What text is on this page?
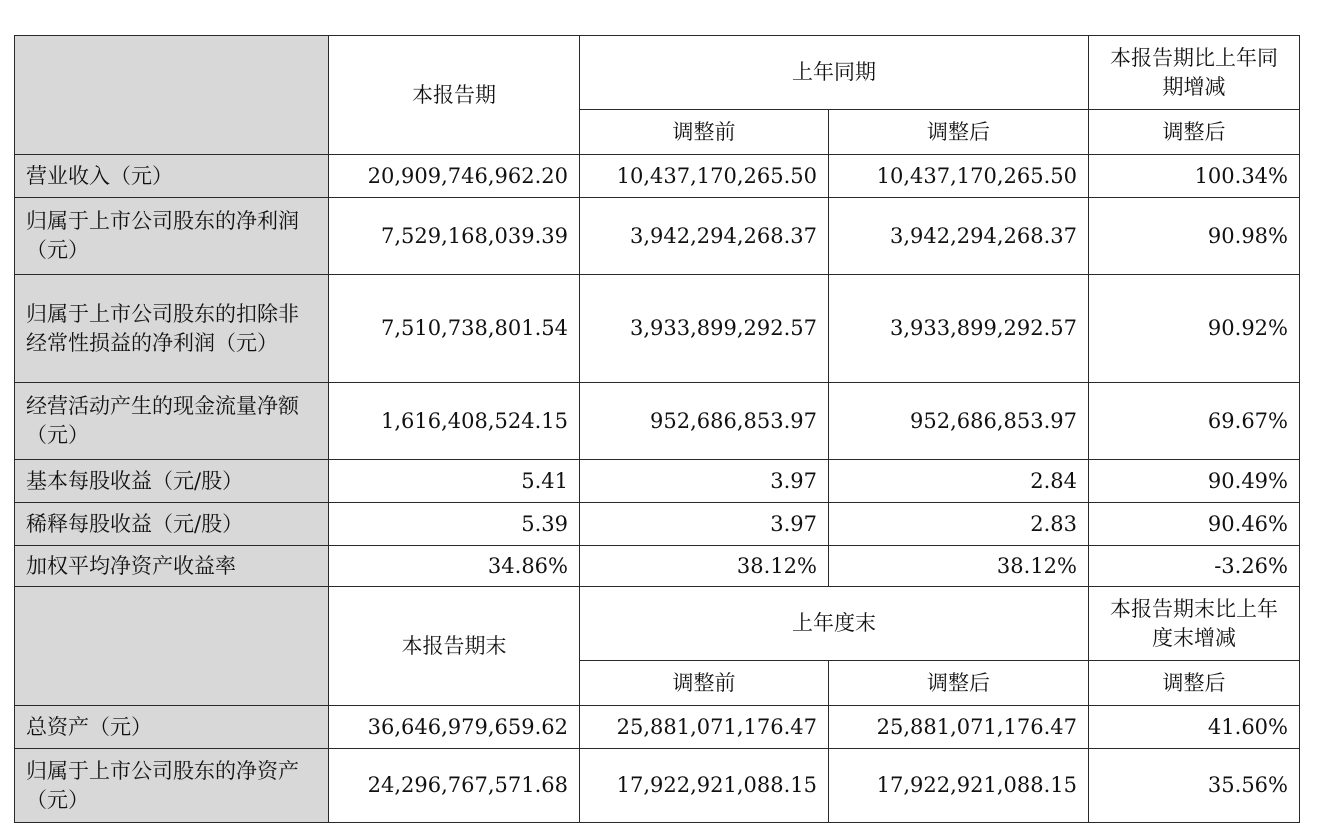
	本报告期	上年同期		本报告期比上年同期增减
		调整前	调整后	调整后
营业收入（元）	20,909,746,962.20	10,437,170,265.50	10,437,170,265.50	100.34%
归属于上市公司股东的净利润（元）	7,529,168,039.39	3,942,294,268.37	3,942,294,268.37	90.98%
归属于上市公司股东的扣除非经常性损益的净利润（元）	7,510,738,801.54	3,933,899,292.57	3,933,899,292.57	90.92%
经营活动产生的现金流量净额（元）	1,616,408,524.15	952,686,853.97	952,686,853.97	69.67%
基本每股收益（元/股）	5.41	3.97	2.84	90.49%
稀释每股收益（元/股）	5.39	3.97	2.83	90.46%
加权平均净资产收益率	34.86%	38.12%	38.12%	-3.26%
	本报告期末	上年度末		本报告期末比上年度末增减
		调整前	调整后	调整后
总资产（元）	36,646,979,659.62	25,881,071,176.47	25,881,071,176.47	41.60%
归属于上市公司股东的净资产（元）	24,296,767,571.68	17,922,921,088.15	17,922,921,088.15	35.56%
